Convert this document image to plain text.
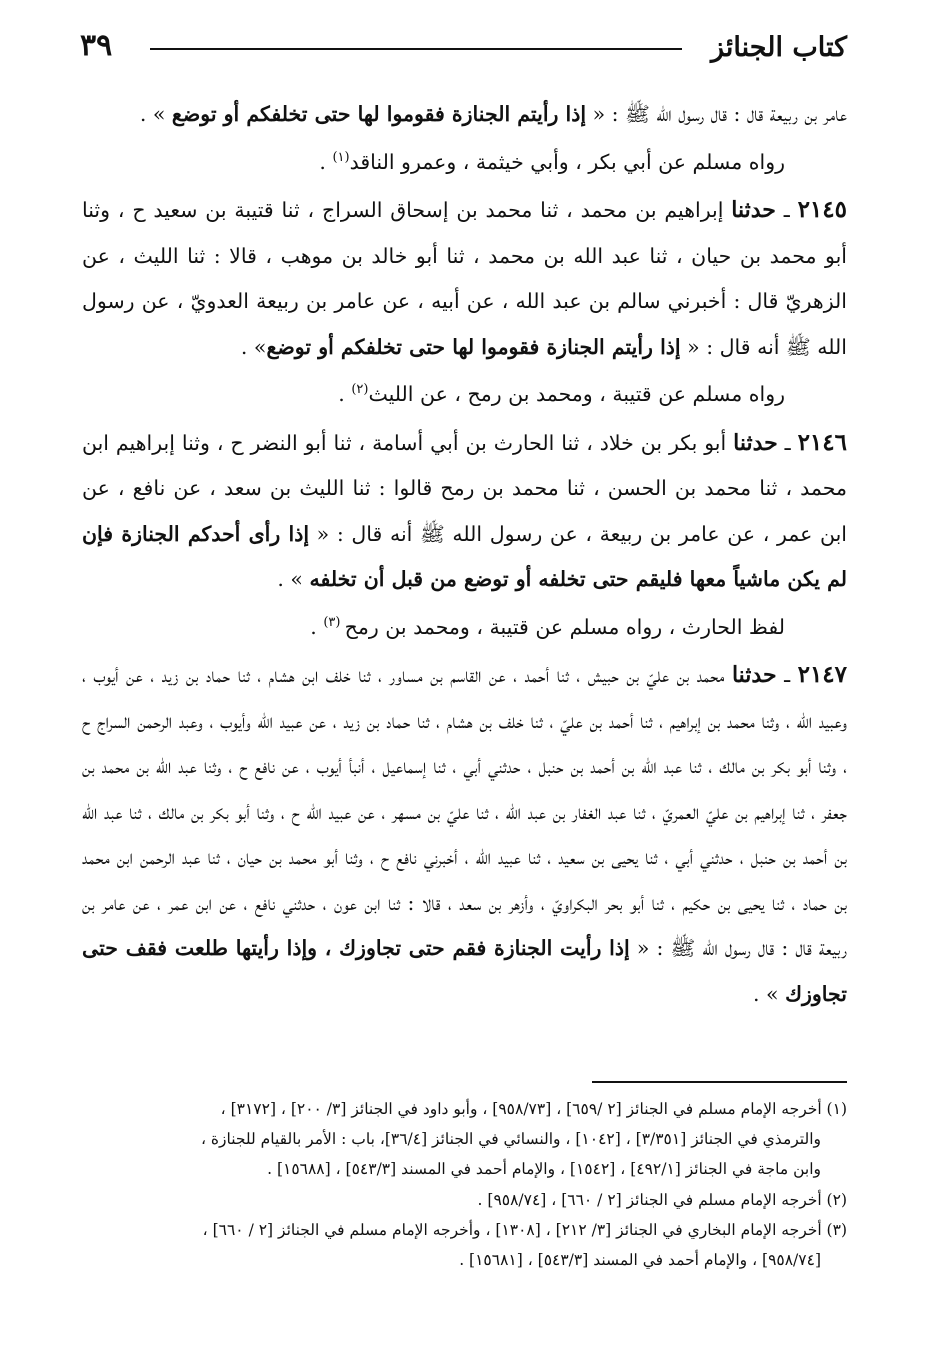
كتاب الجنائز
٣٩

عامر بن ربيعة قال : قال رسول الله ﷺ : « إذا رأيتم الجنازة فقوموا لها حتى تخلفكم أو توضع » .

رواه مسلم عن أبي بكر ، وأبي خيثمة ، وعمرو الناقد$^{(١)}$ .

٢١٤٥ ـ حدثنا إبراهيم بن محمد ، ثنا محمد بن إسحاق السراج ، ثنا قتيبة بن سعيد ح ، وثنا أبو محمد بن حيان ، ثنا عبد الله بن محمد ، ثنا أبو خالد بن موهب ، قالا : ثنا الليث ، عن الزهريّ قال : أخبرني سالم بن عبد الله ، عن أبيه ، عن عامر بن ربيعة العدويّ ، عن رسول الله ﷺ أنه قال : « إذا رأيتم الجنازة فقوموا لها حتى تخلفكم أو توضع» .

رواه مسلم عن قتيبة ، ومحمد بن رمح ، عن الليث$^{(٢)}$ .

٢١٤٦ ـ حدثنا أبو بكر بن خلاد ، ثنا الحارث بن أبي أسامة ، ثنا أبو النضر ح ، وثنا إبراهيم ابن محمد ، ثنا محمد بن الحسن ، ثنا محمد بن رمح قالوا : ثنا الليث بن سعد ، عن نافع ، عن ابن عمر ، عن عامر بن ربيعة ، عن رسول الله ﷺ أنه قال : « إذا رأى أحدكم الجنازة فإن لم يكن ماشياً معها فليقم حتى تخلفه أو توضع من قبل أن تخلفه » .

لفظ الحارث ، رواه مسلم عن قتيبة ، ومحمد بن رمح $^{(٣)}$ .

٢١٤٧ ـ حدثنا محمد بن عليّ بن حبيش ، ثنا أحمد ، عن القاسم بن مساور ، ثنا خلف ابن هشام ، ثنا حماد بن زيد ، عن أيوب ، وعبيد الله ، وثنا محمد بن إبراهيم ، ثنا أحمد بن عليّ ، ثنا خلف بن هشام ، ثنا حماد بن زيد ، عن عبيد الله وأيوب ، وعبد الرحمن السراج ح ، وثنا أبو بكر بن مالك ، ثنا عبد الله بن أحمد بن حنبل ، حدثني أبي ، ثنا إسماعيل ، أنبأ أيوب ، عن نافع ح ، وثنا عبد الله بن محمد بن جعفر ، ثنا إبراهيم بن عليّ العمريّ ، ثنا عبد الغفار بن عبد الله ، ثنا عليّ بن مسهر ، عن عبيد الله ح ، وثنا أبو بكر بن مالك ، ثنا عبد الله بن أحمد بن حنبل ، حدثني أبي ، ثنا يحيى بن سعيد ، ثنا عبيد الله ، أخبرني نافع ح ، وثنا أبو محمد بن حيان ، ثنا عبد الرحمن ابن محمد بن حماد ، ثنا يحيى بن حكيم ، ثنا أبو بحر البكراويّ ، وأزهر بن سعد ، قالا : ثنا ابن عون ، حدثني نافع ، عن ابن عمر ، عن عامر بن ربيعة قال : قال رسول الله ﷺ : « إذا رأيت الجنازة فقم حتى تجاوزك ، وإذا رأيتها طلعت فقف حتى تجاوزك » .

(١) أخرجه الإمام مسلم في الجنائز [٢ /٦٥٩] ، [٩٥٨/٧٣] ، وأبو داود في الجنائز [٣/ ٢٠٠] ، [٣١٧٢] ،

والترمذي في الجنائز [٣/٣٥١] ، [١٠٤٢] ، والنسائي في الجنائز [٣٦/٤]، باب : الأمر بالقيام للجنازة ،

وابن ماجة في الجنائز [٤٩٢/١] ، [١٥٤٢] ، والإمام أحمد في المسند [٥٤٣/٣] ، [١٥٦٨٨] .

(٢) أخرجه الإمام مسلم في الجنائز [٢ / ٦٦٠] ، [٩٥٨/٧٤] .

(٣) أخرجه الإمام البخاري في الجنائز [٣/ ٢١٢] ، [١٣٠٨] ، وأخرجه الإمام مسلم في الجنائز [٢ / ٦٦٠] ،

[٩٥٨/٧٤] ، والإمام أحمد في المسند [٥٤٣/٣] ، [١٥٦٨١] .
